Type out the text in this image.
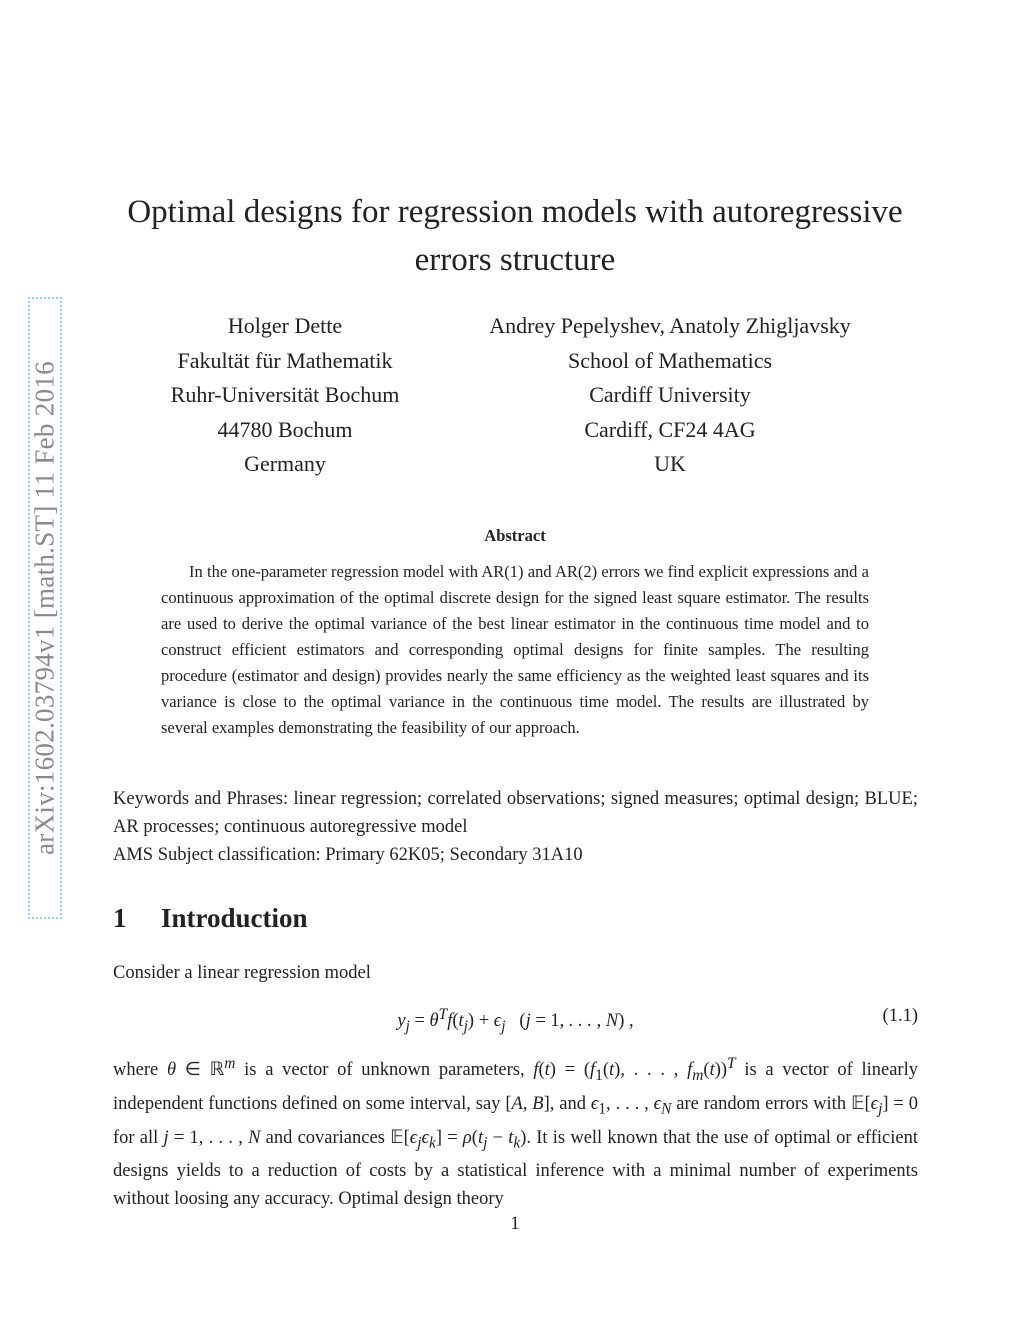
arXiv:1602.03794v1 [math.ST] 11 Feb 2016
Optimal designs for regression models with autoregressive
errors structure
Holger Dette
Fakultät für Mathematik
Ruhr-Universität Bochum
44780 Bochum
Germany
Andrey Pepelyshev, Anatoly Zhigljavsky
School of Mathematics
Cardiff University
Cardiff, CF24 4AG
UK
Abstract
In the one-parameter regression model with AR(1) and AR(2) errors we find explicit expressions and a continuous approximation of the optimal discrete design for the signed least square estimator. The results are used to derive the optimal variance of the best linear estimator in the continuous time model and to construct efficient estimators and corresponding optimal designs for finite samples. The resulting procedure (estimator and design) provides nearly the same efficiency as the weighted least squares and its variance is close to the optimal variance in the continuous time model. The results are illustrated by several examples demonstrating the feasibility of our approach.
Keywords and Phrases: linear regression; correlated observations; signed measures; optimal design; BLUE; AR processes; continuous autoregressive model
AMS Subject classification: Primary 62K05; Secondary 31A10
1 Introduction
Consider a linear regression model
$y_j = \theta^Tf(t_j) + \epsilon_j$ (j = 1, . . . , N) ,	(1.1)
where θ ∈ ℝ$^m$ is a vector of unknown parameters, $f(t) = (f_1(t)$, . . . , $f_m(t))^T$ is a vector of linearly independent functions defined on some interval, say [A, B], and $\epsilon_1$, . . . , $\epsilon_N$ are random errors with $𝔼[\epsilon_j] = 0$ for all j = 1, . . . , N and covariances $𝔼[\epsilon_j\epsilon_k] = \rho(t_j - t_k)$. It is well known that the use of optimal or efficient designs yields to a reduction of costs by a statistical inference with a minimal number of experiments without loosing any accuracy. Optimal design theory
1
